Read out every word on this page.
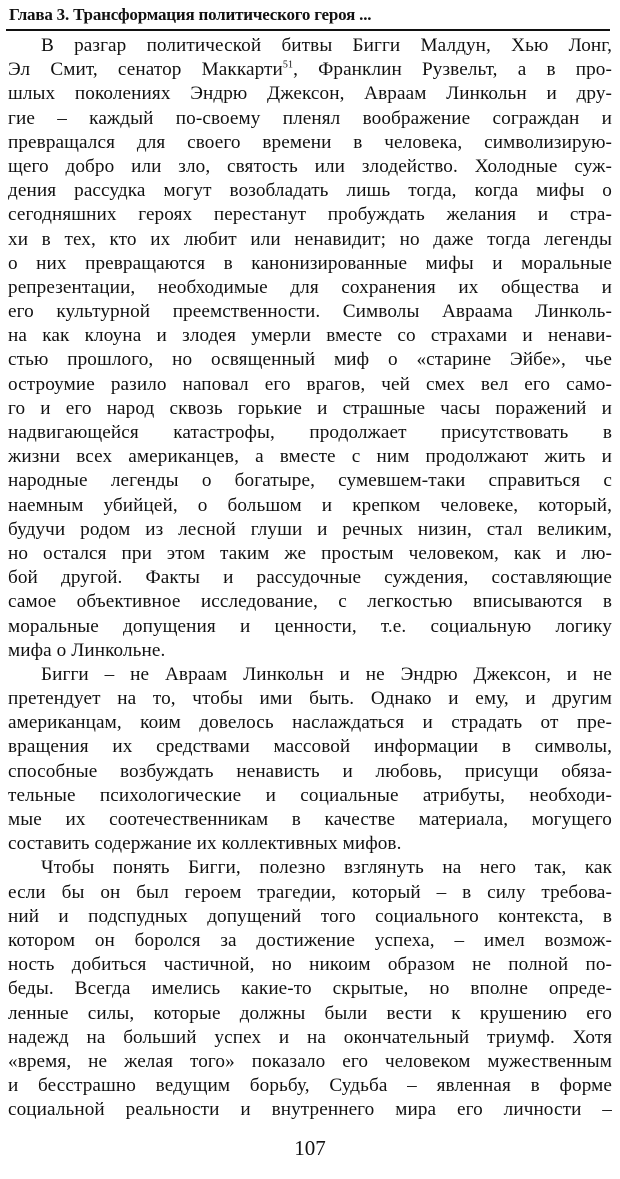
Глава 3. Трансформация политического героя ...
В разгар политической битвы Бигги Малдун, Хью Лонг,
Эл Смит, сенатор Маккарти$^{51}$, Франклин Рузвельт, а в про-
шлых поколениях Эндрю Джексон, Авраам Линкольн и дру-
гие – каждый по-своему пленял воображение сограждан и
превращался для своего времени в человека, символизирую-
щего добро или зло, святость или злодейство. Холодные суж-
дения рассудка могут возобладать лишь тогда, когда мифы о
сегодняшних героях перестанут пробуждать желания и стра-
хи в тех, кто их любит или ненавидит; но даже тогда легенды
о них превращаются в канонизированные мифы и моральные
репрезентации, необходимые для сохранения их общества и
его культурной преемственности. Символы Авраама Линколь-
на как клоуна и злодея умерли вместе со страхами и ненави-
стью прошлого, но освященный миф о «старине Эйбе», чье
остроумие разило наповал его врагов, чей смех вел его само-
го и его народ сквозь горькие и страшные часы поражений и
надвигающейся катастрофы, продолжает присутствовать в
жизни всех американцев, а вместе с ним продолжают жить и
народные легенды о богатыре, сумевшем-таки справиться с
наемным убийцей, о большом и крепком человеке, который,
будучи родом из лесной глуши и речных низин, стал великим,
но остался при этом таким же простым человеком, как и лю-
бой другой. Факты и рассудочные суждения, составляющие
самое объективное исследование, с легкостью вписываются в
моральные допущения и ценности, т.е. социальную логику
мифа о Линкольне.
Бигги – не Авраам Линкольн и не Эндрю Джексон, и не
претендует на то, чтобы ими быть. Однако и ему, и другим
американцам, коим довелось наслаждаться и страдать от пре-
вращения их средствами массовой информации в символы,
способные возбуждать ненависть и любовь, присущи обяза-
тельные психологические и социальные атрибуты, необходи-
мые их соотечественникам в качестве материала, могущего
составить содержание их коллективных мифов.
Чтобы понять Бигги, полезно взглянуть на него так, как
если бы он был героем трагедии, который – в силу требова-
ний и подспудных допущений того социального контекста, в
котором он боролся за достижение успеха, – имел возмож-
ность добиться частичной, но никоим образом не полной по-
беды. Всегда имелись какие-то скрытые, но вполне опреде-
ленные силы, которые должны были вести к крушению его
надежд на больший успех и на окончательный триумф. Хотя
«время, не желая того» показало его человеком мужественным
и бесстрашно ведущим борьбу, Судьба – явленная в форме
социальной реальности и внутреннего мира его личности –
107
